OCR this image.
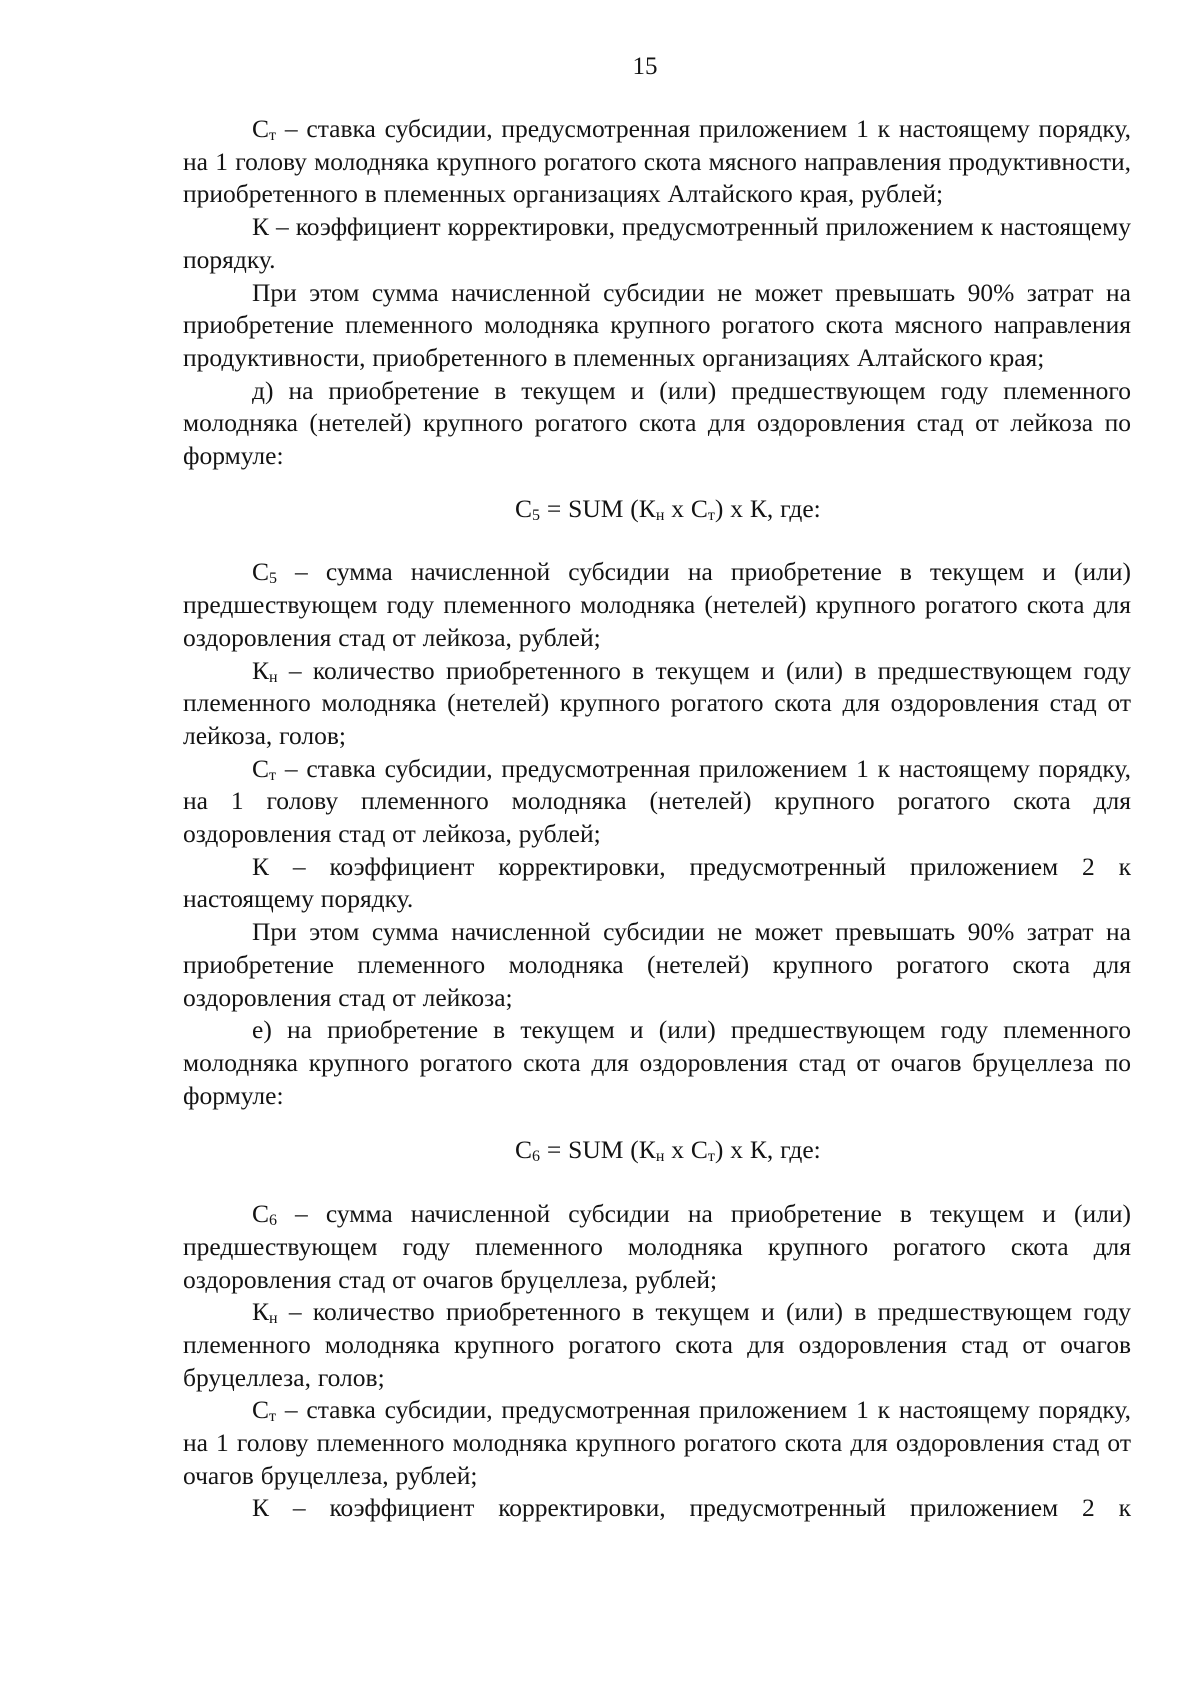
15

Ст – ставка субсидии, предусмотренная приложением 1 к настоящему порядку, на 1 голову молодняка крупного рогатого скота мясного направления продуктивности, приобретенного в племенных организациях Алтайского края, рублей;

К – коэффициент корректировки, предусмотренный приложением к настоящему порядку.

При этом сумма начисленной субсидии не может превышать 90% затрат на приобретение племенного молодняка крупного рогатого скота мясного направления продуктивности, приобретенного в племенных организациях Алтайского края;

д) на приобретение в текущем и (или) предшествующем году племенного молодняка (нетелей) крупного рогатого скота для оздоровления стад от лейкоза по формуле:

С5 = SUM (Кн x Ст) x К, где:

С5 – сумма начисленной субсидии на приобретение в текущем и (или) предшествующем году племенного молодняка (нетелей) крупного рогатого скота для оздоровления стад от лейкоза, рублей;

Кн – количество приобретенного в текущем и (или) в предшествующем году племенного молодняка (нетелей) крупного рогатого скота для оздоровления стад от лейкоза, голов;

Ст – ставка субсидии, предусмотренная приложением 1 к настоящему порядку, на 1 голову племенного молодняка (нетелей) крупного рогатого скота для оздоровления стад от лейкоза, рублей;

К – коэффициент корректировки, предусмотренный приложением 2 к настоящему порядку.

При этом сумма начисленной субсидии не может превышать 90% затрат на приобретение племенного молодняка (нетелей) крупного рогатого скота для оздоровления стад от лейкоза;

е) на приобретение в текущем и (или) предшествующем году племенного молодняка крупного рогатого скота для оздоровления стад от очагов бруцеллеза по формуле:

С6 = SUM (Кн x Ст) x К, где:

С6 – сумма начисленной субсидии на приобретение в текущем и (или) предшествующем году племенного молодняка крупного рогатого скота для оздоровления стад от очагов бруцеллеза, рублей;

Кн – количество приобретенного в текущем и (или) в предшествующем году племенного молодняка крупного рогатого скота для оздоровления стад от очагов бруцеллеза, голов;

Ст – ставка субсидии, предусмотренная приложением 1 к настоящему порядку, на 1 голову племенного молодняка крупного рогатого скота для оздоровления стад от очагов бруцеллеза, рублей;

К – коэффициент корректировки, предусмотренный приложением 2 к
